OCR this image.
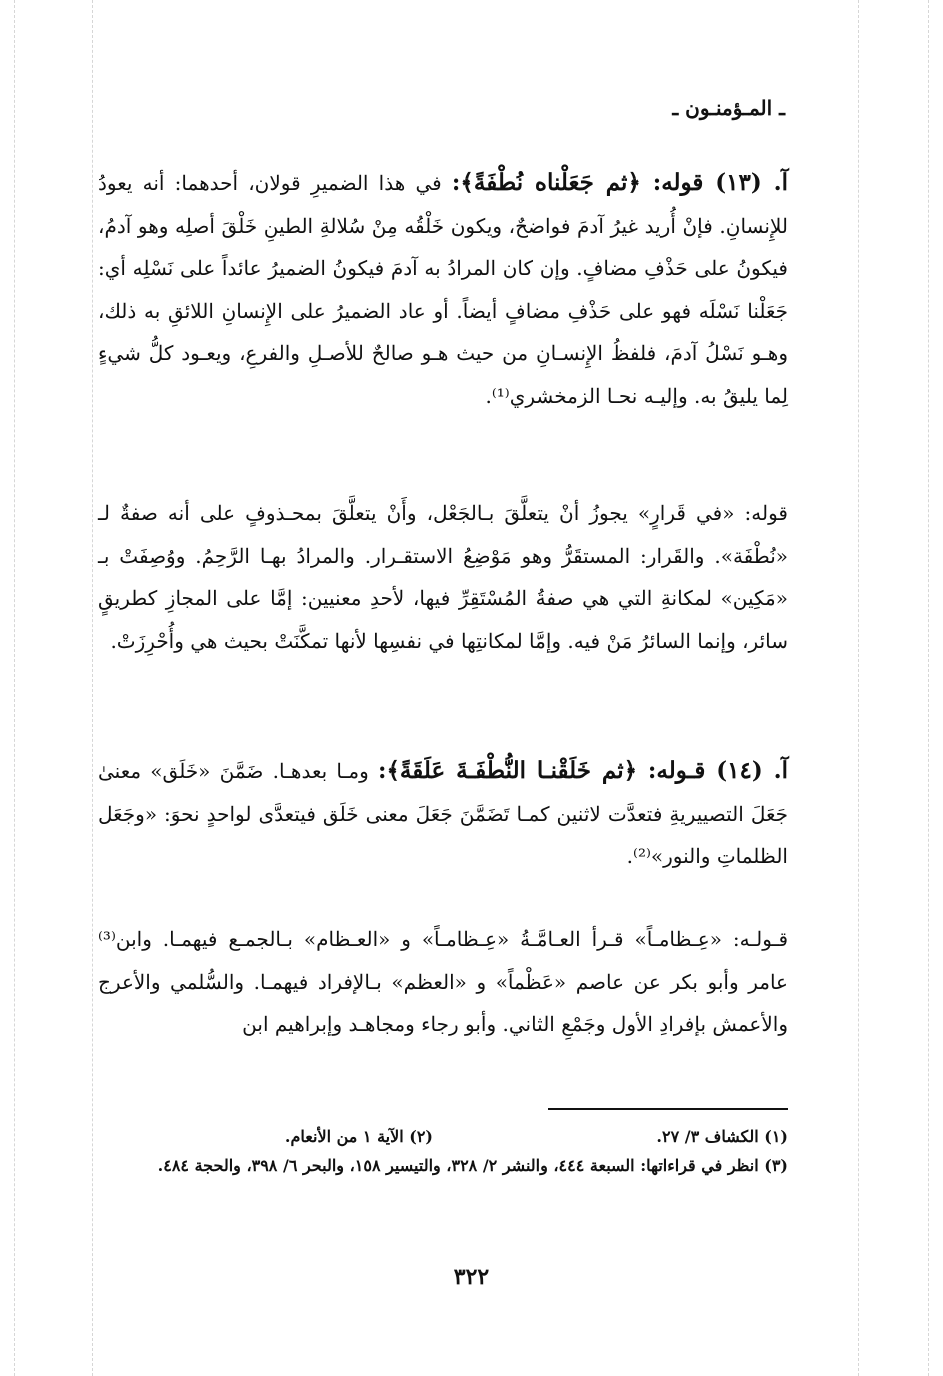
ـ المـؤمنـون ـ

آ. (١٣) قوله: ﴿ثم جَعَلْناه نُطْفَةً﴾: في هذا الضميرِ قولان، أحدهما: أنه يعودُ للإِنسانِ. فإنْ أُريد غيرُ آدمَ فواضحٌ، ويكون خَلْقُه مِنْ سُلالةِ الطينِ خَلْقَ أصلِه وهو آدمُ، فيكونُ على حَذْفِ مضافٍ. وإن كان المرادُ به آدمَ فيكونُ الضميرُ عائداً على نَسْلِه أي: جَعَلْنا نَسْلَه فهو على حَذْفِ مضافٍ أيضاً. أو عاد الضميرُ على الإِنسانِ اللائقِ به ذلك، وهـو نَسْلُ آدمَ، فلفظُ الإِنسـانِ من حيث هـو صالحٌ للأصـلِ والفرعِ، ويعـود كلُّ شيءٍ لِما يليقُ به. وإليـه نحـا الزمخشري⁽¹⁾.

قوله: «في قَرارٍ» يجوزُ أنْ يتعلَّقَ بـالجَعْل، وأَنْ يتعلَّقَ بمحـذوفٍ على أنه صفةٌ لـ «نُطْفَة». والقَرار: المستقَرُّ وهو مَوْضِعُ الاستقـرار. والمرادُ بهـا الرَّحِمُ. ووُصِفَتْ بـ «مَكِين» لمكانةِ التي هي صفةُ المُسْتَقِرِّ فيها، لأحدِ معنيين: إمَّا على المجازِ كطريقٍ سائر، وإنما السائرُ مَنْ فيه. وإمَّا لمكانتِها في نفسِها لأنها تمكَّنَتْ بحيث هي وأُحْرِزَتْ.

آ. (١٤) قـوله: ﴿ثم خَلَقْنـا النُّطْفَـةَ عَلَقَةً﴾: ومـا بعدهـا. ضَمَّنَ «خَلَق» معنىٰ جَعَلَ التصييريةِ فتعدَّت لاثنين كمـا تَضَمَّنَ جَعَلَ معنى خَلَق فيتعدَّى لواحدٍ نحوَ: «وجَعَل الظلماتِ والنور»⁽²⁾.

قـولـه: «عِـظامـاً» قـرأ العـامَّـةُ «عِـظامـاً» و «العـظام» بـالجمـع فيهمـا. وابن⁽³⁾ عامر وأبو بكر عن عاصم «عَظْماً» و «العظم» بـالإفراد فيهمـا. والسُّلمي والأعرج والأعمش بإفرادِ الأول وجَمْعِ الثاني. وأبو رجاء ومجاهـد وإبراهيم ابن

(١) الكشاف ٣/ ٢٧.

(٢) الآية ١ من الأنعام.

(٣) انظر في قراءاتها: السبعة ٤٤٤، والنشر ٢/ ٣٢٨، والتيسير ١٥٨، والبحر ٦/ ٣٩٨، والحجة ٤٨٤.

٣٢٢
